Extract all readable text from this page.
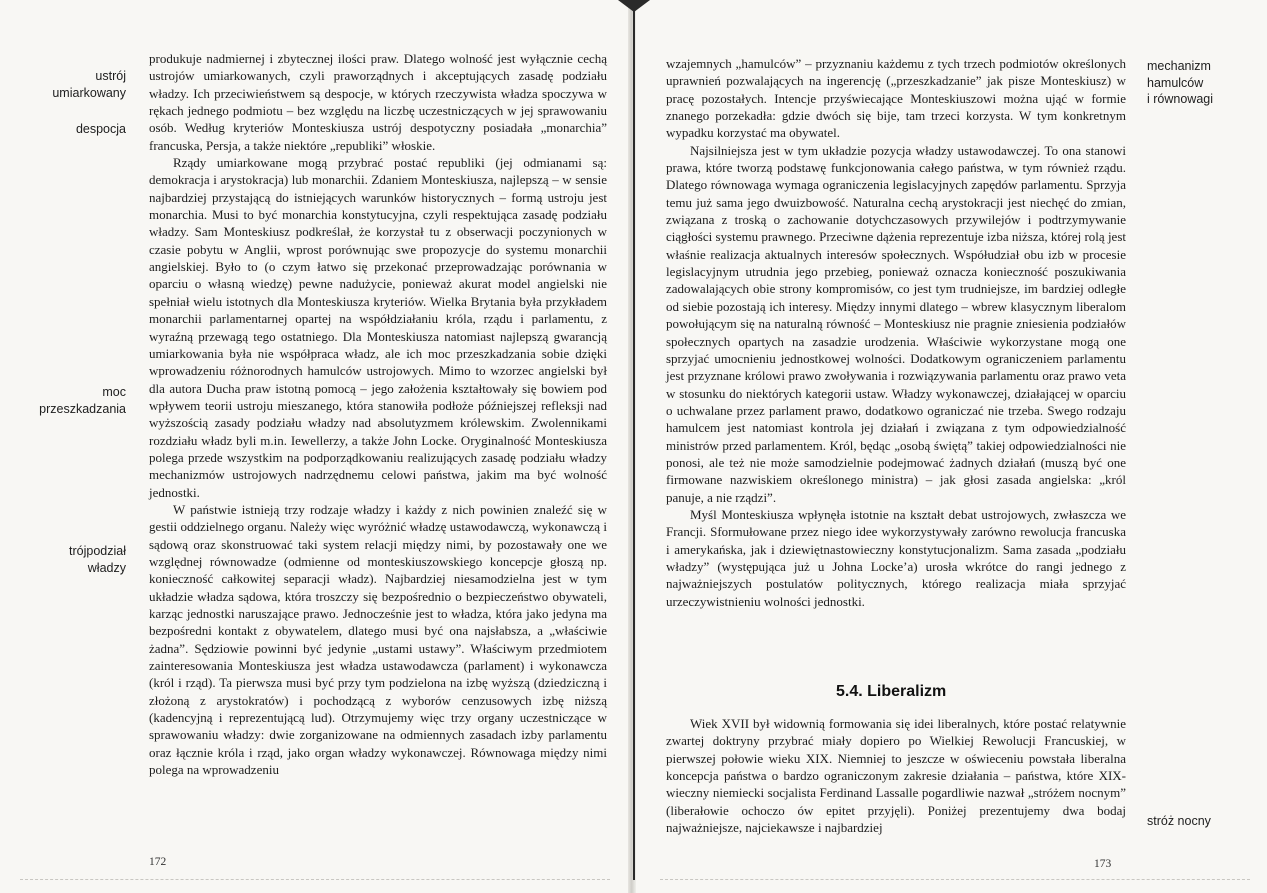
ustrój
umiarkowany
despocja
moc
przeszkadzania
trójpodział
władzy

produkuje nadmiernej i zbytecznej ilości praw. Dlatego wolność jest wyłącznie cechą ustrojów umiarkowanych, czyli praworządnych i akceptujących zasadę podziału władzy. Ich przeciwieństwem są despocje, w których rzeczywista władza spoczywa w rękach jednego podmiotu – bez względu na liczbę uczestniczących w jej sprawowaniu osób. Według kryteriów Monteskiusza ustrój despotyczny posiadała „monarchia” francuska, Persja, a także niektóre „republiki” włoskie.

Rządy umiarkowane mogą przybrać postać republiki (jej odmianami są: demokracja i arystokracja) lub monarchii. Zdaniem Monteskiusza, najlepszą – w sensie najbardziej przystającą do istniejących warunków historycznych – formą ustroju jest monarchia. Musi to być monarchia konstytucyjna, czyli respektująca zasadę podziału władzy. Sam Monteskiusz podkreślał, że korzystał tu z obserwacji poczynionych w czasie pobytu w Anglii, wprost porównując swe propozycje do systemu monarchii angielskiej. Było to (o czym łatwo się przekonać przeprowadzając porównania w oparciu o własną wiedzę) pewne nadużycie, ponieważ akurat model angielski nie spełniał wielu istotnych dla Monteskiusza kryteriów. Wielka Brytania była przykładem monarchii parlamentarnej opartej na współdziałaniu króla, rządu i parlamentu, z wyraźną przewagą tego ostatniego. Dla Monteskiusza natomiast najlepszą gwarancją umiarkowania była nie współpraca władz, ale ich moc przeszkadzania sobie dzięki wprowadzeniu różnorodnych hamulców ustrojowych. Mimo to wzorzec angielski był dla autora Ducha praw istotną pomocą – jego założenia kształtowały się bowiem pod wpływem teorii ustroju mieszanego, która stanowiła podłoże późniejszej refleksji nad wyższością zasady podziału władzy nad absolutyzmem królewskim. Zwolennikami rozdziału władz byli m.in. Iewellerzy, a także John Locke. Oryginalność Monteskiusza polega przede wszystkim na podporządkowaniu realizujących zasadę podziału władzy mechanizmów ustrojowych nadrzędnemu celowi państwa, jakim ma być wolność jednostki.

W państwie istnieją trzy rodzaje władzy i każdy z nich powinien znaleźć się w gestii oddzielnego organu. Należy więc wyróżnić władzę ustawodawczą, wykonawczą i sądową oraz skonstruować taki system relacji między nimi, by pozostawały one we względnej równowadze (odmienne od monteskiuszowskiego koncepcje głoszą np. konieczność całkowitej separacji władz). Najbardziej niesamodzielna jest w tym układzie władza sądowa, która troszczy się bezpośrednio o bezpieczeństwo obywateli, karząc jednostki naruszające prawo. Jednocześnie jest to władza, która jako jedyna ma bezpośredni kontakt z obywatelem, dlatego musi być ona najsłabsza, a „właściwie żadna”. Sędziowie powinni być jedynie „ustami ustawy”. Właściwym przedmiotem zainteresowania Monteskiusza jest władza ustawodawcza (parlament) i wykonawcza (król i rząd). Ta pierwsza musi być przy tym podzielona na izbę wyższą (dziedziczną i złożoną z arystokratów) i pochodzącą z wyborów cenzusowych izbę niższą (kadencyjną i reprezentującą lud). Otrzymujemy więc trzy organy uczestniczące w sprawowaniu władzy: dwie zorganizowane na odmiennych zasadach izby parlamentu oraz łącznie króla i rząd, jako organ władzy wykonawczej. Równowaga między nimi polega na wprowadzeniu

172
mechanizm
hamulców
i równowagi
stróż nocny

wzajemnych „hamulców” – przyznaniu każdemu z tych trzech podmiotów określonych uprawnień pozwalających na ingerencję („przeszkadzanie” jak pisze Monteskiusz) w pracę pozostałych. Intencje przyświecające Monteskiuszowi można ująć w formie znanego porzekadła: gdzie dwóch się bije, tam trzeci korzysta. W tym konkretnym wypadku korzystać ma obywatel.

Najsilniejsza jest w tym układzie pozycja władzy ustawodawczej. To ona stanowi prawa, które tworzą podstawę funkcjonowania całego państwa, w tym również rządu. Dlatego równowaga wymaga ograniczenia legislacyjnych zapędów parlamentu. Sprzyja temu już sama jego dwuizbowość. Naturalna cechą arystokracji jest niechęć do zmian, związana z troską o zachowanie dotychczasowych przywilejów i podtrzymywanie ciągłości systemu prawnego. Przeciwne dążenia reprezentuje izba niższa, której rolą jest właśnie realizacja aktualnych interesów społecznych. Współudział obu izb w procesie legislacyjnym utrudnia jego przebieg, ponieważ oznacza konieczność poszukiwania zadowalających obie strony kompromisów, co jest tym trudniejsze, im bardziej odległe od siebie pozostają ich interesy. Między innymi dlatego – wbrew klasycznym liberalom powołującym się na naturalną równość – Monteskiusz nie pragnie zniesienia podziałów społecznych opartych na zasadzie urodzenia. Właściwie wykorzystane mogą one sprzyjać umocnieniu jednostkowej wolności. Dodatkowym ograniczeniem parlamentu jest przyznane królowi prawo zwoływania i rozwiązywania parlamentu oraz prawo veta w stosunku do niektórych kategorii ustaw. Władzy wykonawczej, działającej w oparciu o uchwalane przez parlament prawo, dodatkowo ograniczać nie trzeba. Swego rodzaju hamulcem jest natomiast kontrola jej działań i związana z tym odpowiedzialność ministrów przed parlamentem. Król, będąc „osobą świętą” takiej odpowiedzialności nie ponosi, ale też nie może samodzielnie podejmować żadnych działań (muszą być one firmowane nazwiskiem określonego ministra) – jak głosi zasada angielska: „król panuje, a nie rządzi”.

Myśl Monteskiusza wpłynęła istotnie na kształt debat ustrojowych, zwłaszcza we Francji. Sformułowane przez niego idee wykorzystywały zarówno rewolucja francuska i amerykańska, jak i dziewiętnastowieczny konstytucjonalizm. Sama zasada „podziału władzy” (występująca już u Johna Locke’a) urosła wkrótce do rangi jednego z najważniejszych postulatów politycznych, którego realizacja miała sprzyjać urzeczywistnieniu wolności jednostki.

5.4. Liberalizm

Wiek XVII był widownią formowania się idei liberalnych, które postać relatywnie zwartej doktryny przybrać miały dopiero po Wielkiej Rewolucji Francuskiej, w pierwszej połowie wieku XIX. Niemniej to jeszcze w oświeceniu powstała liberalna koncepcja państwa o bardzo ograniczonym zakresie działania – państwa, które XIX-wieczny niemiecki socjalista Ferdinand Lassalle pogardliwie nazwał „stróżem nocnym” (liberałowie ochoczo ów epitet przyjęli). Poniżej prezentujemy dwa bodaj najważniejsze, najciekawsze i najbardziej

173
